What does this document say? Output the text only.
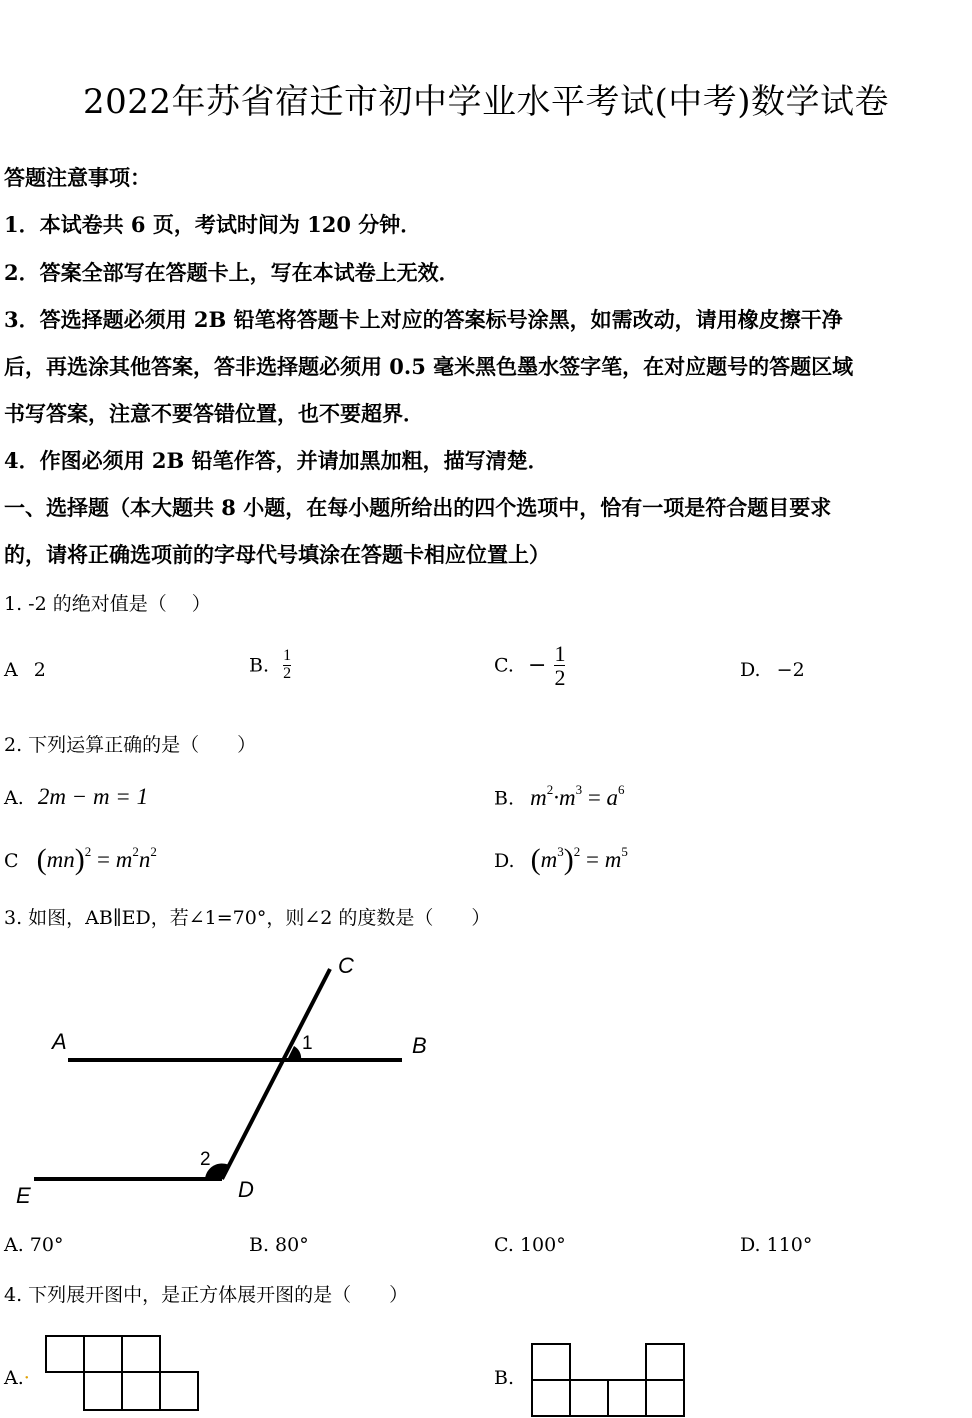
2022年苏省宿迁市初中学业水平考试(中考)数学试卷
答题注意事项：
1．本试卷共 6 页，考试时间为 120 分钟．
2．答案全部写在答题卡上，写在本试卷上无效．
3．答选择题必须用 2B 铅笔将答题卡上对应的答案标号涂黑，如需改动，请用橡皮擦干净
后，再选涂其他答案，答非选择题必须用 0.5 毫米黑色墨水签字笔，在对应题号的答题区域
书写答案，注意不要答错位置，也不要超界．
4．作图必须用 2B 铅笔作答，并请加黑加粗，描写清楚．
一、选择题（本大题共 8 小题，在每小题所给出的四个选项中，恰有一项是符合题目要求
的，请将正确选项前的字母代号填涂在答题卡相应位置上）
1. -2 的绝对值是（　 ）
A 2	B. $\frac{1}{2}$	C. − $\frac{1}{2}$	D. −2
2. 下列运算正确的是（　　）
A. 2m − m = 1	B. $m^2\cdot m^3 = a^6$
C $(mn)^2 = m^2n^2$	D. $(m^3)^2 = m^5$
3. 如图，AB∥ED，若∠1=70°，则∠2 的度数是（　　）
A	B
C
D
E
1
2
A. 70°	B. 80°	C. 100°	D. 110°
4. 下列展开图中，是正方体展开图的是（　　）
A.·	B.
